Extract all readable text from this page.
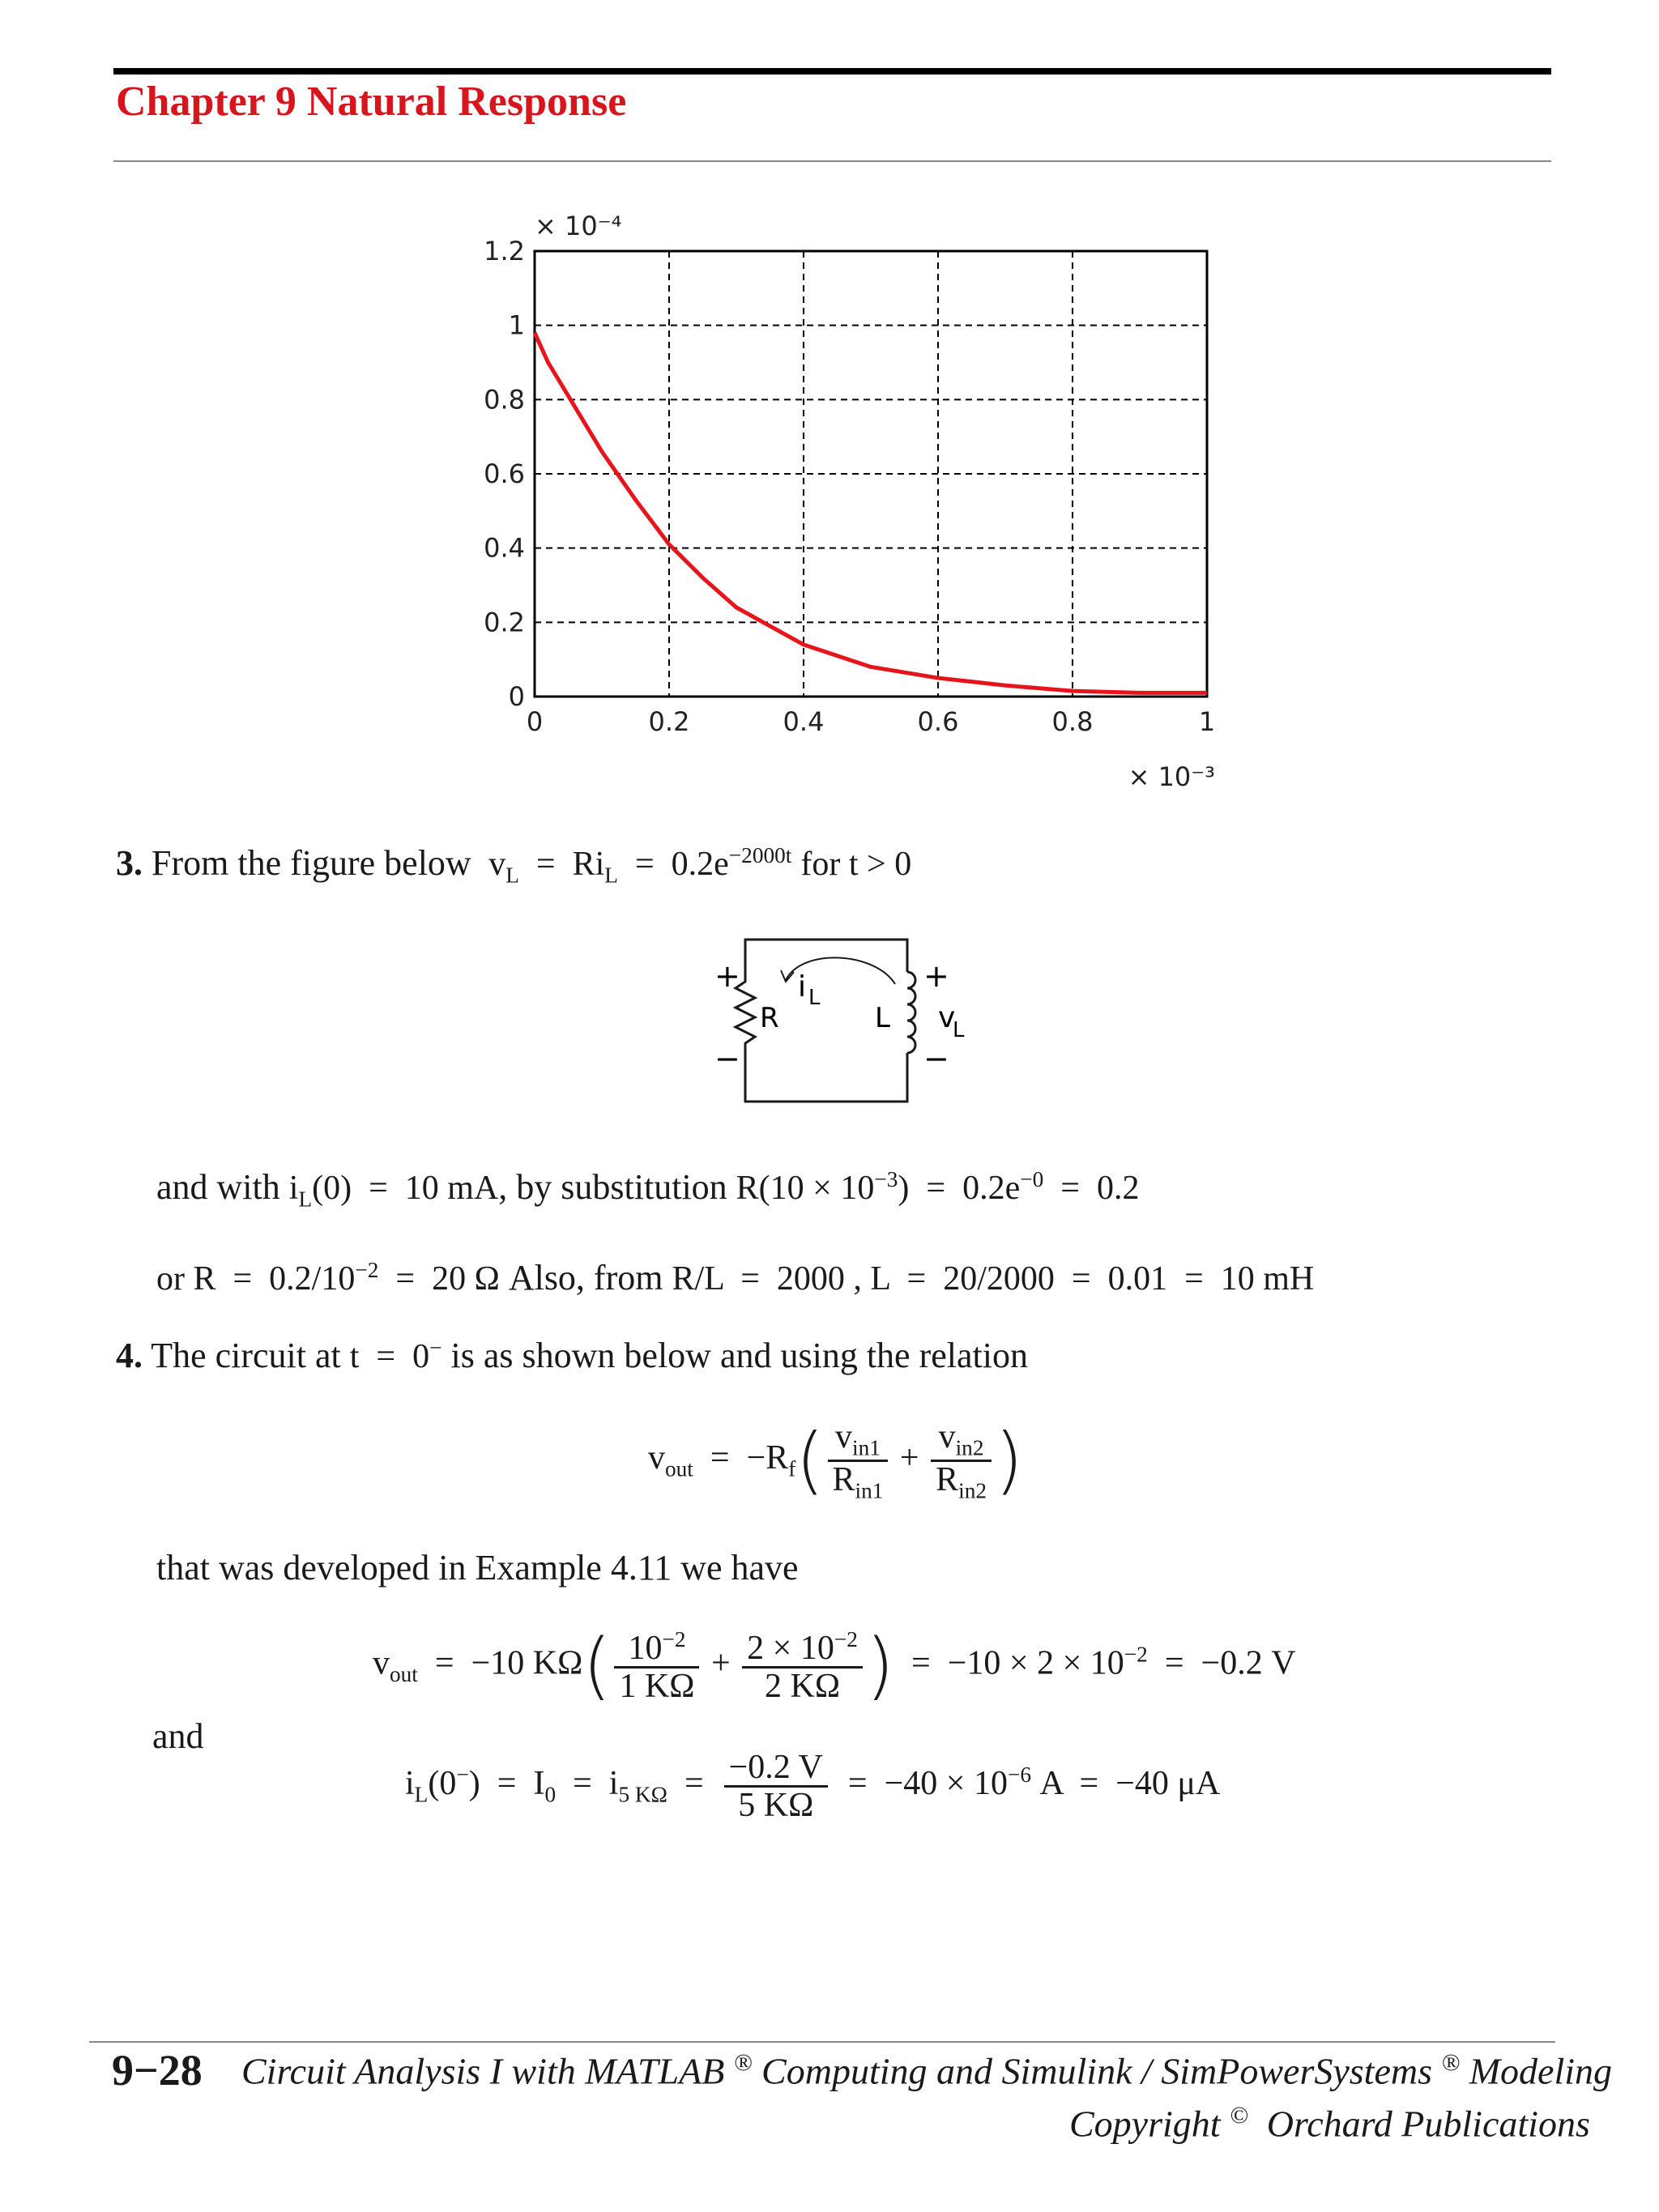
Chapter 9 Natural Response
0	0.2	0.4	0.6	0.8	1
0
0.2
0.4
0.6
0.8
1
1.2
× 10⁻⁴
× 10⁻³
3. From the figure below  $v_L = Ri_L = 0.2e^{-2000t}$ for t > 0
+
−
R	L
i L
+
−
v
L
and with $i_L(0) = 10$ mA, by substitution $R(10 \times 10^{-3}) = 0.2e^{-0} = 0.2$
or $R = 0.2/10^{-2} = 20$ Ω Also, from R/L  =  2000 , L  =  20/2000  =  0.01  =  10 mH
4. The circuit at t  =  0− is as shown below and using the relation
$v_{out} = -R_f( \frac{v_{in1}}{R_{in1}} + \frac{v_{in2}}{R_{in2}}$ )
that was developed in Example 4.11 we have
$v_{out} = -10$ $K\Omega( \frac{10^{-2}}{1 K\Omega} + \frac{2 \times 10^{-2}}{2 K\Omega}$ )  =  $-10 \times 2 \times 10^{-2} = -0.2$ V
and
$i_L(0^-) = I_0 = i_{5 K\Omega} = \frac{-0.2 V}{5 K\Omega} = -40 \times 10^{-6}$ A  =  −40 μA
9−28 Circuit Analysis I with MATLAB ® Computing and Simulink / SimPowerSystems ® Modeling
Copyright ©  Orchard Publications
